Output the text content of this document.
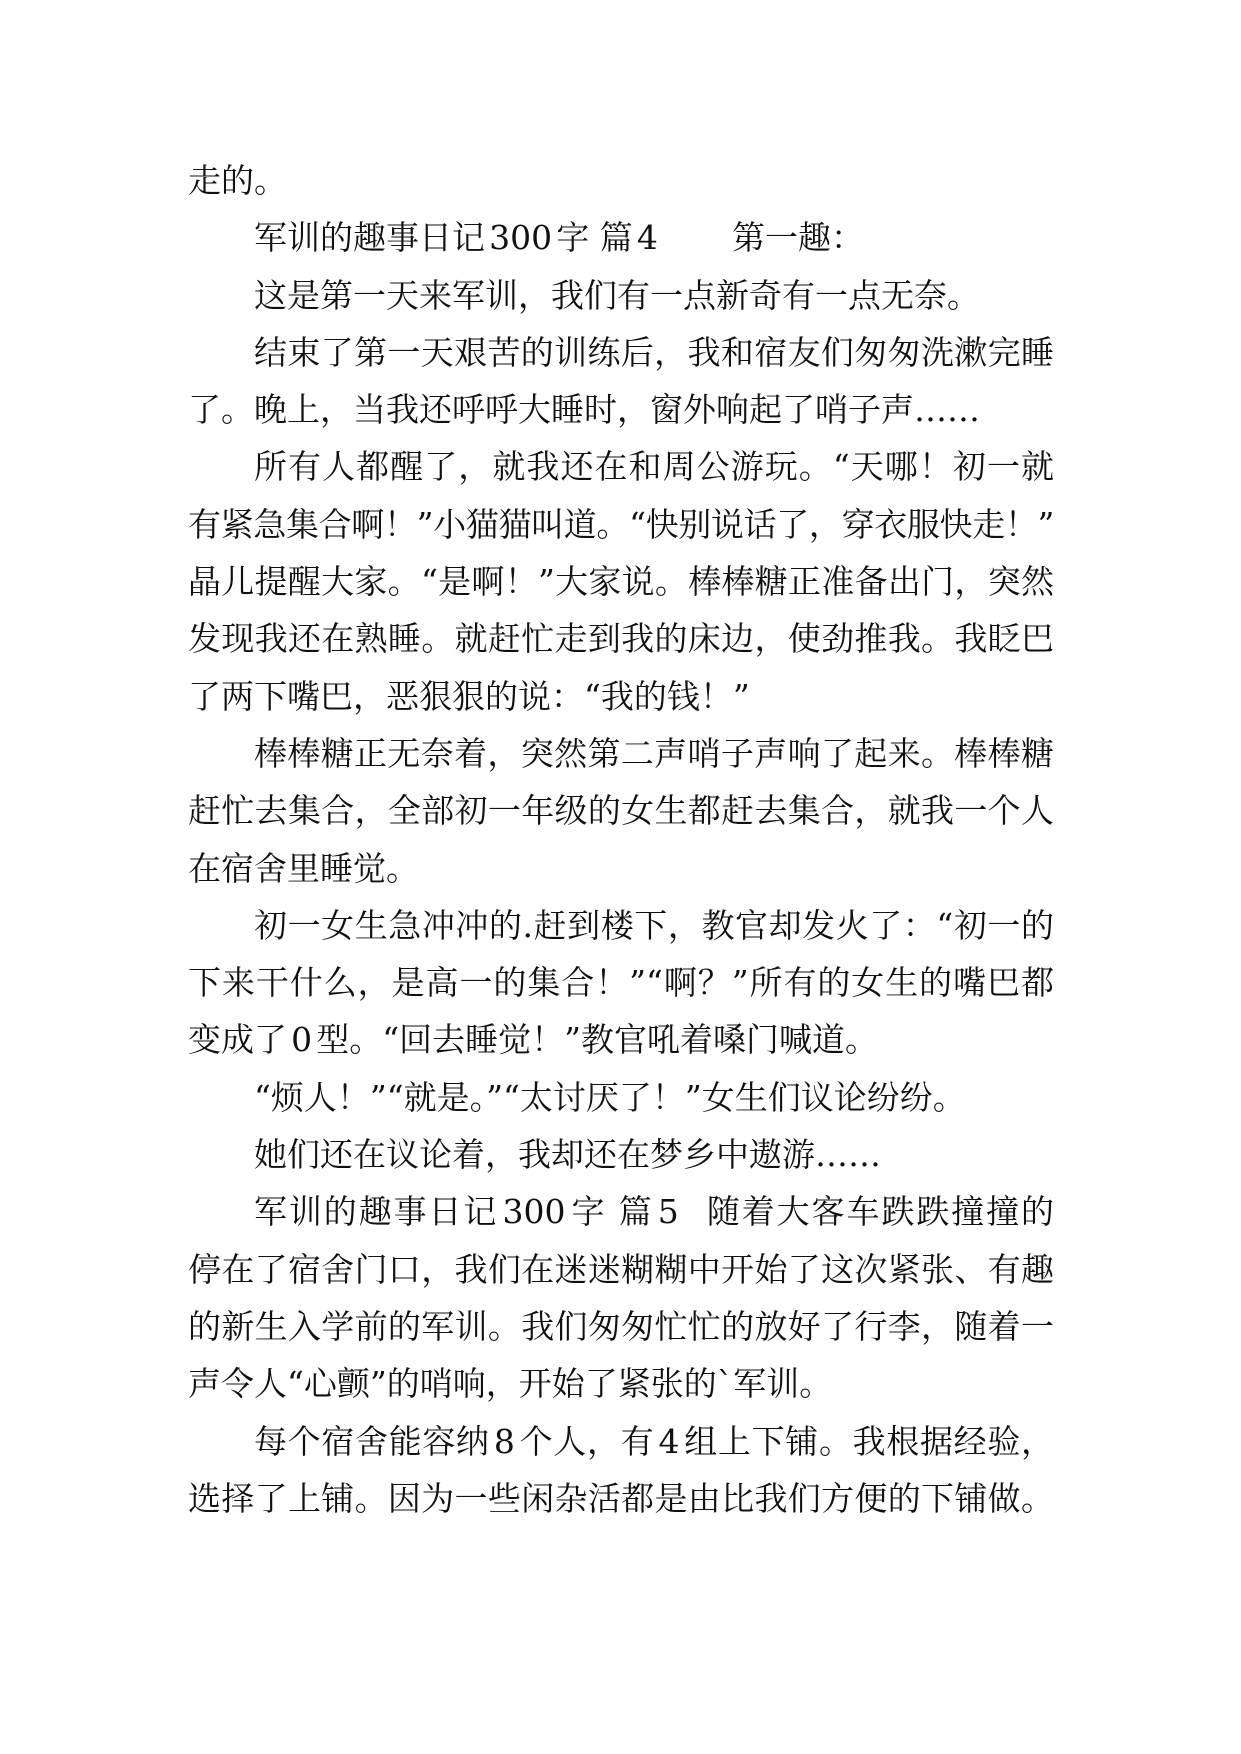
走的。
军训的趣事日记300字 篇4 第一趣：
这是第一天来军训，我们有一点新奇有一点无奈。
结束了第一天艰苦的训练后，我和宿友们匆匆洗漱完睡
了。晚上，当我还呼呼大睡时，窗外响起了哨子声……
所有人都醒了，就我还在和周公游玩。“天哪！初一就
有紧急集合啊！”小猫猫叫道。“快别说话了，穿衣服快走！”
晶儿提醒大家。“是啊！”大家说。棒棒糖正准备出门，突然
发现我还在熟睡。就赶忙走到我的床边，使劲推我。我眨巴
了两下嘴巴，恶狠狠的说：“我的钱！”
棒棒糖正无奈着，突然第二声哨子声响了起来。棒棒糖
赶忙去集合，全部初一年级的女生都赶去集合，就我一个人
在宿舍里睡觉。
初一女生急冲冲的.赶到楼下，教官却发火了：“初一的
下来干什么，是高一的集合！”“啊？”所有的女生的嘴巴都
变成了0型。“回去睡觉！”教官吼着嗓门喊道。
“烦人！”“就是。”“太讨厌了！”女生们议论纷纷。
她们还在议论着，我却还在梦乡中遨游……
军训的趣事日记300字 篇5 随着大客车跌跌撞撞的
停在了宿舍门口，我们在迷迷糊糊中开始了这次紧张、有趣
的新生入学前的军训。我们匆匆忙忙的放好了行李，随着一
声令人“心颤”的哨响，开始了紧张的`军训。
每个宿舍能容纳8个人，有4组上下铺。我根据经验，
选择了上铺。因为一些闲杂活都是由比我们方便的下铺做。
